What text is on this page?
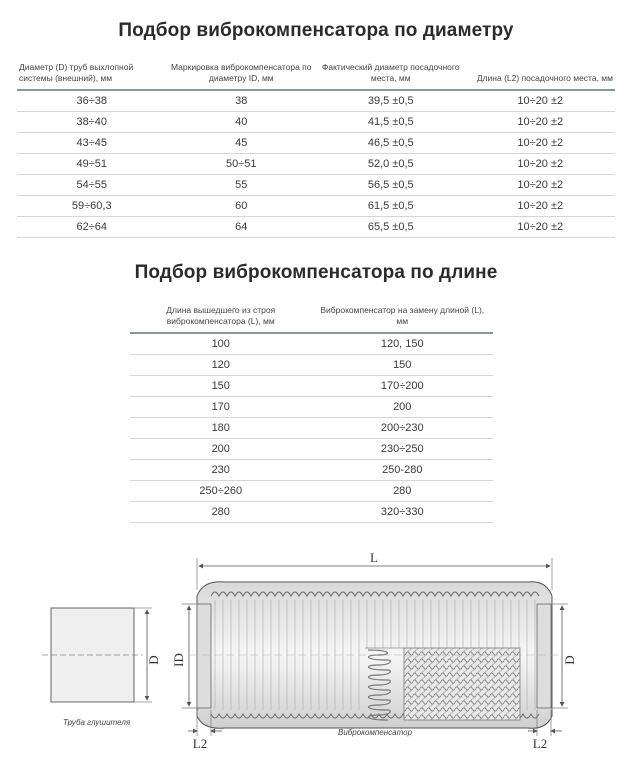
Подбор виброкомпенсатора по диаметру
Диаметр (D) труб выхлопной системы (внешний), мм	Маркировка виброкомпенсатора по диаметру ID, мм	Фактический диаметр посадочного места, мм	Длина (L2) посадочного места, мм
36÷38	38	39,5 ±0,5	10÷20 ±2
38÷40	40	41,5 ±0,5	10÷20 ±2
43÷45	45	46,5 ±0,5	10÷20 ±2
49÷51	50÷51	52,0 ±0,5	10÷20 ±2
54÷55	55	56,5 ±0,5	10÷20 ±2
59÷60,3	60	61,5 ±0,5	10÷20 ±2
62÷64	64	65,5 ±0,5	10÷20 ±2
Подбор виброкомпенсатора по длине
Длина вышедшего из строя виброкомпенсатора (L), мм	Виброкомпенсатор на замену длиной (L), мм
100	120, 150
120	150
150	170÷200
170	200
180	200÷230
200	230÷250
230	250-280
250÷260	280
280	320÷330
D
L
ID	D
L2	L2
Труба глушителя
Виброкомпенсатор
